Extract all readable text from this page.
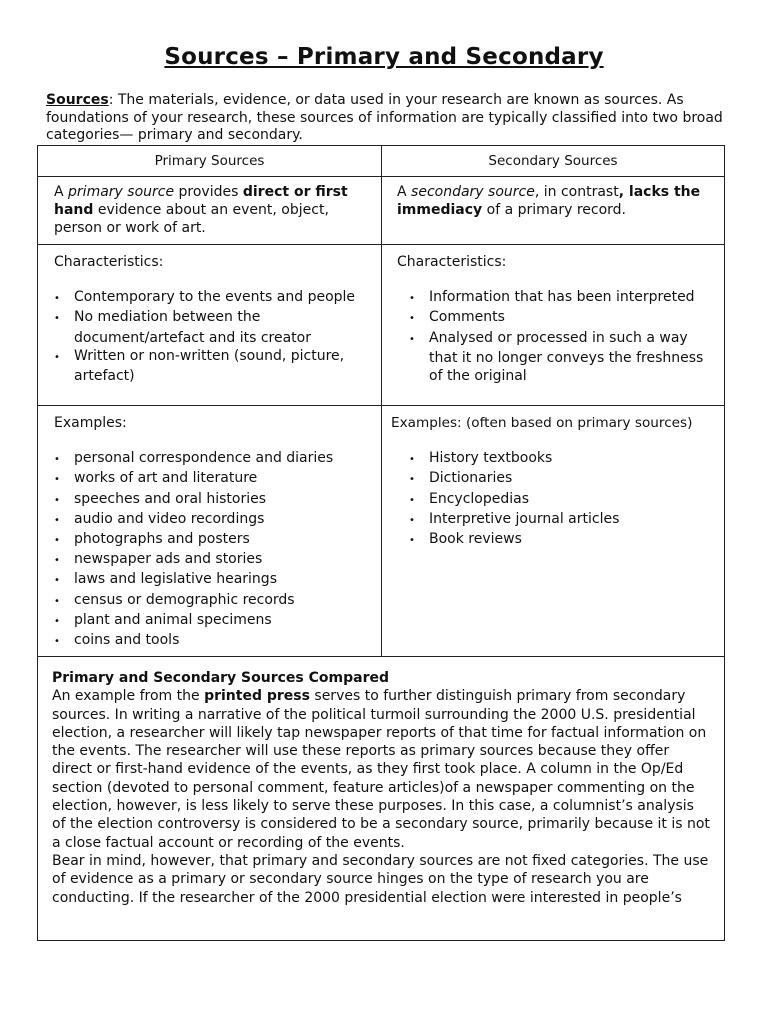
Sources – Primary and Secondary
Sources: The materials, evidence, or data used in your research are known as sources. As foundations of your research, these sources of information are typically classified into two broad categories— primary and secondary.
Primary Sources	Secondary Sources
A primary source provides direct or first hand evidence about an event, object, person or work of art.
A secondary source, in contrast, lacks the immediacy of a primary record.
Characteristics:
• Contemporary to the events and people
• No mediation between the document/artefact and its creator
• Written or non-written (sound, picture, artefact)
Characteristics:
• Information that has been interpreted
• Comments
• Analysed or processed in such a way that it no longer conveys the freshness of the original
Examples:
• personal correspondence and diaries
• works of art and literature
• speeches and oral histories
• audio and video recordings
• photographs and posters
• newspaper ads and stories
• laws and legislative hearings
• census or demographic records
• plant and animal specimens
• coins and tools
Examples: (often based on primary sources)
• History textbooks
• Dictionaries
• Encyclopedias
• Interpretive journal articles
• Book reviews
Primary and Secondary Sources Compared
An example from the printed press serves to further distinguish primary from secondary sources. In writing a narrative of the political turmoil surrounding the 2000 U.S. presidential election, a researcher will likely tap newspaper reports of that time for factual information on the events. The researcher will use these reports as primary sources because they offer direct or first-hand evidence of the events, as they first took place. A column in the Op/Ed section (devoted to personal comment, feature articles)of a newspaper commenting on the election, however, is less likely to serve these purposes. In this case, a columnist’s analysis of the election controversy is considered to be a secondary source, primarily because it is not a close factual account or recording of the events.
Bear in mind, however, that primary and secondary sources are not fixed categories. The use of evidence as a primary or secondary source hinges on the type of research you are conducting. If the researcher of the 2000 presidential election were interested in people’s
